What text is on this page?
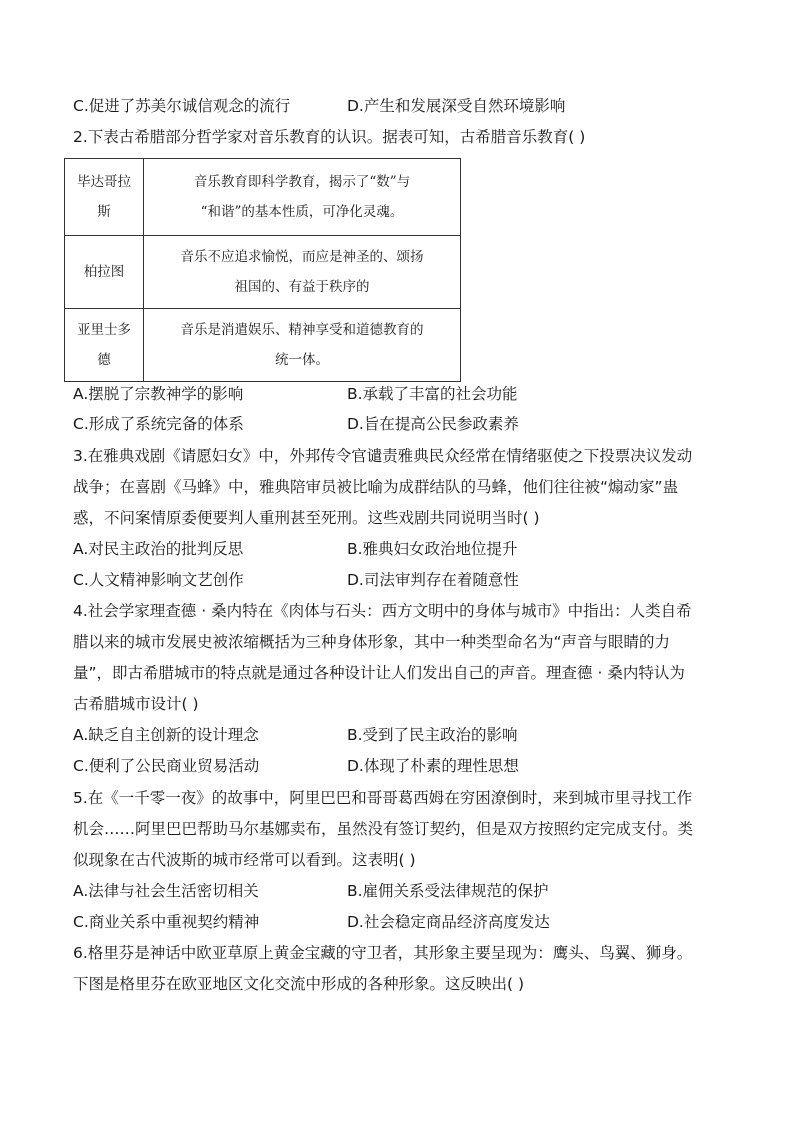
C.促进了苏美尔诚信观念的流行	D.产生和发展深受自然环境影响
2.下表古希腊部分哲学家对音乐教育的认识。据表可知，古希腊音乐教育( )
毕达哥拉
斯	音乐教育即科学教育，揭示了“数”与
“和谐”的基本性质，可净化灵魂。

柏拉图	音乐不应追求愉悦，而应是神圣的、颂扬
祖国的、有益于秩序的

亚里士多
德	音乐是消遣娱乐、精神享受和道德教育的
统一体。
A.摆脱了宗教神学的影响	B.承载了丰富的社会功能
C.形成了系统完备的体系	D.旨在提高公民参政素养
3.在雅典戏剧《请愿妇女》中，外邦传令官谴责雅典民众经常在情绪驱使之下投票决议发动
战争；在喜剧《马蜂》中，雅典陪审员被比喻为成群结队的马蜂，他们往往被“煽动家”蛊
惑，不问案情原委便要判人重刑甚至死刑。这些戏剧共同说明当时( )
A.对民主政治的批判反思	B.雅典妇女政治地位提升
C.人文精神影响文艺创作	D.司法审判存在着随意性
4.社会学家理查德 · 桑内特在《肉体与石头：西方文明中的身体与城市》中指出：人类自希
腊以来的城市发展史被浓缩概括为三种身体形象，其中一种类型命名为“声音与眼睛的力
量”，即古希腊城市的特点就是通过各种设计让人们发出自己的声音。理查德 · 桑内特认为
古希腊城市设计( )
A.缺乏自主创新的设计理念	B.受到了民主政治的影响
C.便利了公民商业贸易活动	D.体现了朴素的理性思想
5.在《一千零一夜》的故事中，阿里巴巴和哥哥葛西姆在穷困潦倒时，来到城市里寻找工作
机会……阿里巴巴帮助马尔基娜卖布，虽然没有签订契约，但是双方按照约定完成支付。类
似现象在古代波斯的城市经常可以看到。这表明( )
A.法律与社会生活密切相关	B.雇佣关系受法律规范的保护
C.商业关系中重视契约精神	D.社会稳定商品经济高度发达
6.格里芬是神话中欧亚草原上黄金宝藏的守卫者，其形象主要呈现为：鹰头、鸟翼、狮身。
下图是格里芬在欧亚地区文化交流中形成的各种形象。这反映出( )
